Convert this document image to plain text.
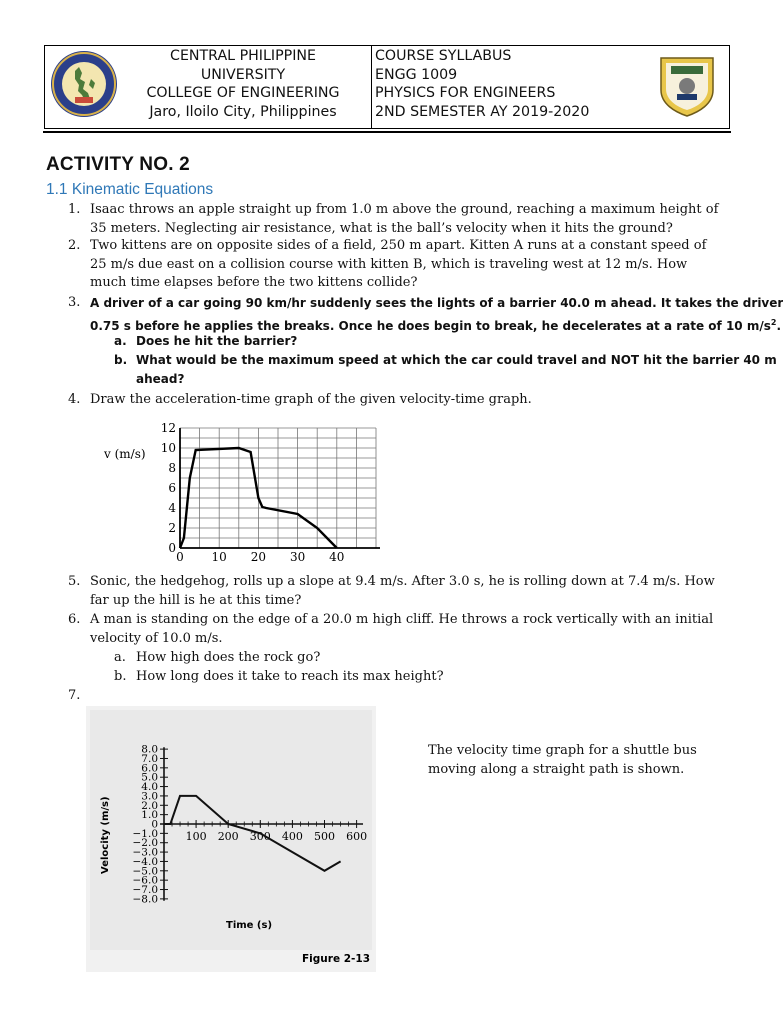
CENTRAL PHILIPPINE
UNIVERSITY
COLLEGE OF ENGINEERING
Jaro, Iloilo City, Philippines
COURSE SYLLABUS
ENGG 1009
PHYSICS FOR ENGINEERS
2ND SEMESTER AY 2019-2020
ACTIVITY NO. 2
1.1 Kinematic Equations
1. Isaac throws an apple straight up from 1.0 m above the ground, reaching a maximum height of
35 meters. Neglecting air resistance, what is the ball’s velocity when it hits the ground?
2. Two kittens are on opposite sides of a field, 250 m apart. Kitten A runs at a constant speed of
25 m/s due east on a collision course with kitten B, which is traveling west at 12 m/s. How
much time elapses before the two kittens collide?
3. A driver of a car going 90 km/hr suddenly sees the lights of a barrier 40.0 m ahead. It takes the driver
0.75 s before he applies the breaks. Once he does begin to break, he decelerates at a rate of 10 $m/s^2$.
a. Does he hit the barrier?
b. What would be the maximum speed at which the car could travel and NOT hit the barrier 40 m
ahead?
4. Draw the acceleration-time graph of the given velocity-time graph.
0
2
4
6
8
10
12
0 10 20 30 40
v (m/s)
5. Sonic, the hedgehog, rolls up a slope at 9.4 m/s. After 3.0 s, he is rolling down at 7.4 m/s. How
far up the hill is he at this time?
6. A man is standing on the edge of a 20.0 m high cliff. He throws a rock vertically with an initial
velocity of 10.0 m/s.
a. How high does the rock go?
b. How long does it take to reach its max height?
7.
8.0
7.0
6.0
5.0
4.0
3.0
2.0
1.0
0
−1.0
−2.0
−3.0
−4.0
−5.0
−6.0
−7.0
−8.0
100 200 300 400 500 600
Velocity (m/s)
Time (s)
Figure 2-13
The velocity time graph for a shuttle bus
moving along a straight path is shown.
